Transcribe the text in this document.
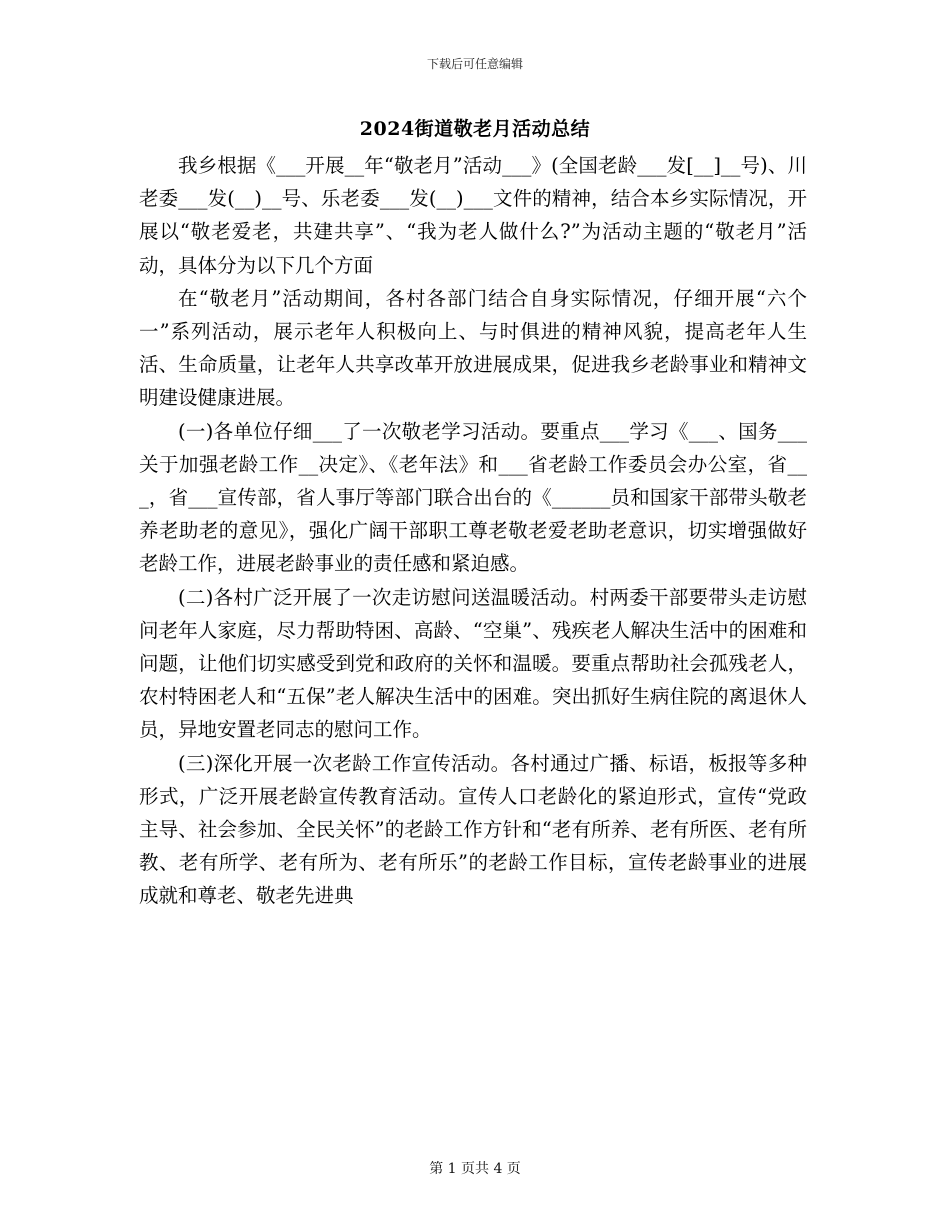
下载后可任意编辑
2024街道敬老月活动总结

我乡根据《___开展__年“敬老月”活动___》(全国老龄___发[__]__号)、川老委___发(__)__号、乐老委___发(__)___文件的精神，结合本乡实际情况，开展以“敬老爱老，共建共享”、“我为老人做什么?”为活动主题的“敬老月”活动，具体分为以下几个方面

在“敬老月”活动期间，各村各部门结合自身实际情况，仔细开展“六个一”系列活动，展示老年人积极向上、与时俱进的精神风貌，提高老年人生活、生命质量，让老年人共享改革开放进展成果，促进我乡老龄事业和精神文明建设健康进展。

(一)各单位仔细___了一次敬老学习活动。要重点___学习《___、国务___关于加强老龄工作__决定》、《老年法》和___省老龄工作委员会办公室，省___，省___宣传部，省人事厅等部门联合出台的《______员和国家干部带头敬老养老助老的意见》，强化广阔干部职工尊老敬老爱老助老意识，切实增强做好老龄工作，进展老龄事业的责任感和紧迫感。

(二)各村广泛开展了一次走访慰问送温暖活动。村两委干部要带头走访慰问老年人家庭，尽力帮助特困、高龄、“空巢”、残疾老人解决生活中的困难和问题，让他们切实感受到党和政府的关怀和温暖。要重点帮助社会孤残老人，农村特困老人和“五保”老人解决生活中的困难。突出抓好生病住院的离退休人员，异地安置老同志的慰问工作。

(三)深化开展一次老龄工作宣传活动。各村通过广播、标语，板报等多种形式，广泛开展老龄宣传教育活动。宣传人口老龄化的紧迫形式，宣传“党政主导、社会参加、全民关怀”的老龄工作方针和“老有所养、老有所医、老有所教、老有所学、老有所为、老有所乐”的老龄工作目标，宣传老龄事业的进展成就和尊老、敬老先进典

第 1 页共 4 页
